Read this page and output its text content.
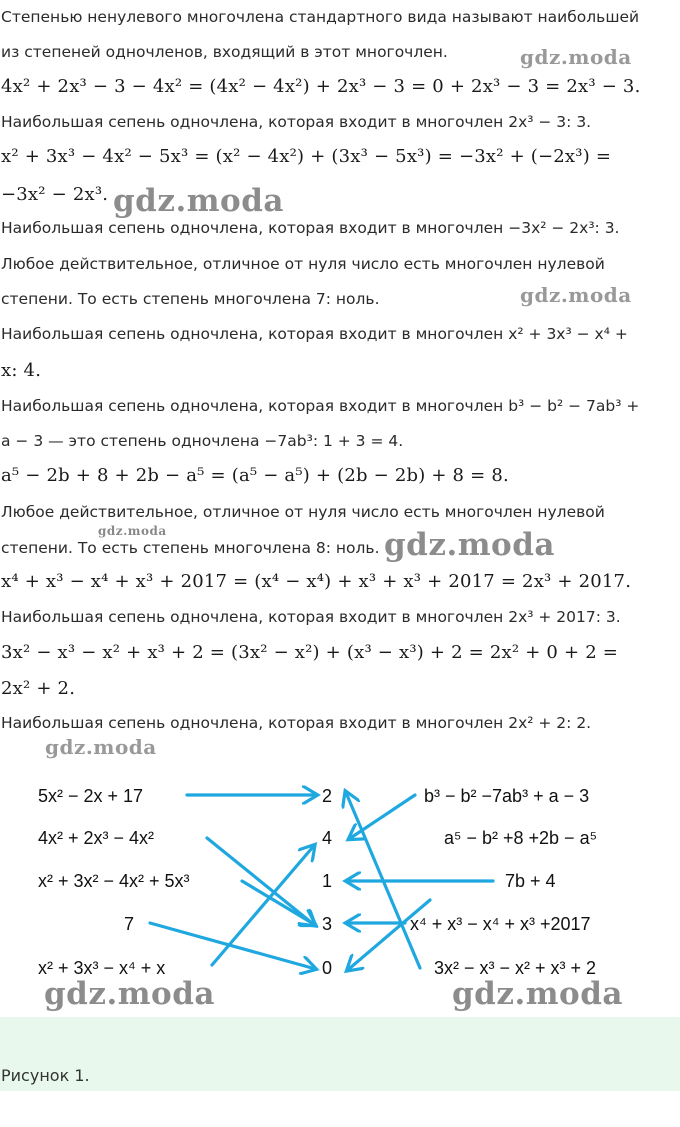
Степенью ненулевого многочлена стандартного вида называют наибольшей
из степеней одночленов, входящий в этот многочлен.
4x² + 2x³ − 3 − 4x² = (4x² − 4x²) + 2x³ − 3 = 0 + 2x³ − 3 = 2x³ − 3.
Наибольшая сепень одночлена, которая входит в многочлен 2x³ − 3: 3.
x² + 3x³ − 4x² − 5x³ = (x² − 4x²) + (3x³ − 5x³) = −3x² + (−2x³) =
−3x² − 2x³.
Наибольшая сепень одночлена, которая входит в многочлен −3x² − 2x³: 3.
Любое действительное, отличное от нуля число есть многочлен нулевой
степени. То есть степень многочлена 7: ноль.
Наибольшая сепень одночлена, которая входит в многочлен x² + 3x³ − x⁴ +
x: 4.
Наибольшая сепень одночлена, которая входит в многочлен b³ − b² − 7ab³ +
a − 3 — это степень одночлена −7ab³: 1 + 3 = 4.
a⁵ − 2b + 8 + 2b − a⁵ = (a⁵ − a⁵) + (2b − 2b) + 8 = 8.
Любое действительное, отличное от нуля число есть многочлен нулевой
степени. То есть степень многочлена 8: ноль.
x⁴ + x³ − x⁴ + x³ + 2017 = (x⁴ − x⁴) + x³ + x³ + 2017 = 2x³ + 2017.
Наибольшая сепень одночлена, которая входит в многочлен 2x³ + 2017: 3.
3x² − x³ − x² + x³ + 2 = (3x² − x²) + (x³ − x³) + 2 = 2x² + 0 + 2 =
2x² + 2.
Наибольшая сепень одночлена, которая входит в многочлен 2x² + 2: 2.
gdz.moda
gdz.moda
gdz.moda
gdz.moda	gdz.moda
gdz.moda
5x² − 2x + 17
4x² + 2x³ − 4x²
x² + 3x² − 4x² + 5x³
7
x² + 3x³ − x⁴ + x
2
4
1
3
0
b³ − b² −7ab³ + a − 3
a⁵ − b² +8 +2b − a⁵
7b + 4
x⁴ + x³ − x⁴ + x³ +2017
3x² − x³ − x² + x³ + 2
gdz.moda	gdz.moda
Рисунок 1.
